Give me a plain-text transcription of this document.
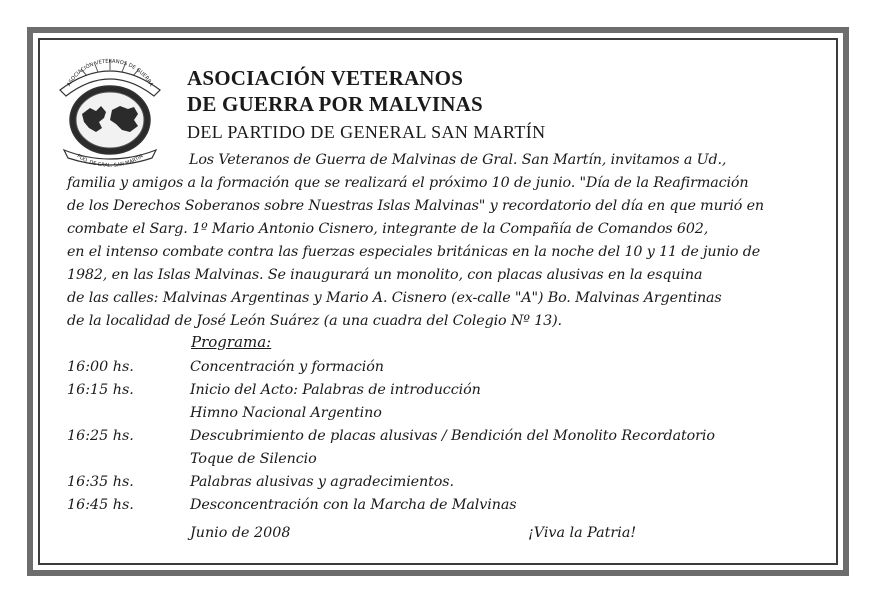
ASOCIACIÓN VETERANOS DE GUERRA
PDO. DE GRAL. SAN MARTIN
ASOCIACIÓN VETERANOS
DE GUERRA POR MALVINAS
DEL PARTIDO DE GENERAL SAN MARTÍN
Los Veteranos de Guerra de Malvinas de Gral. San Martín, invitamos a Ud.,
familia y amigos a la formación que se realizará el próximo 10 de junio. "Día de la Reafirmación
de los Derechos Soberanos sobre Nuestras Islas Malvinas" y recordatorio del día en que murió en
combate el Sarg. 1º Mario Antonio Cisnero, integrante de la Compañía de Comandos 602,
en el intenso combate contra las fuerzas especiales británicas en la noche del 10 y 11 de junio de
1982, en las Islas Malvinas. Se inaugurará un monolito, con placas alusivas en la esquina
de las calles: Malvinas Argentinas y Mario A. Cisnero (ex-calle "A") Bo. Malvinas Argentinas
de la localidad de José León Suárez (a una cuadra del Colegio Nº 13).
Programa:
16:00 hs.	Concentración y formación
16:15 hs.	Inicio del Acto: Palabras de introducción
Himno Nacional Argentino
16:25 hs.	Descubrimiento de placas alusivas / Bendición del Monolito Recordatorio
Toque de Silencio
16:35 hs.	Palabras alusivas y agradecimientos.
16:45 hs.	Desconcentración con la Marcha de Malvinas
Junio de 2008	¡Viva la Patria!
